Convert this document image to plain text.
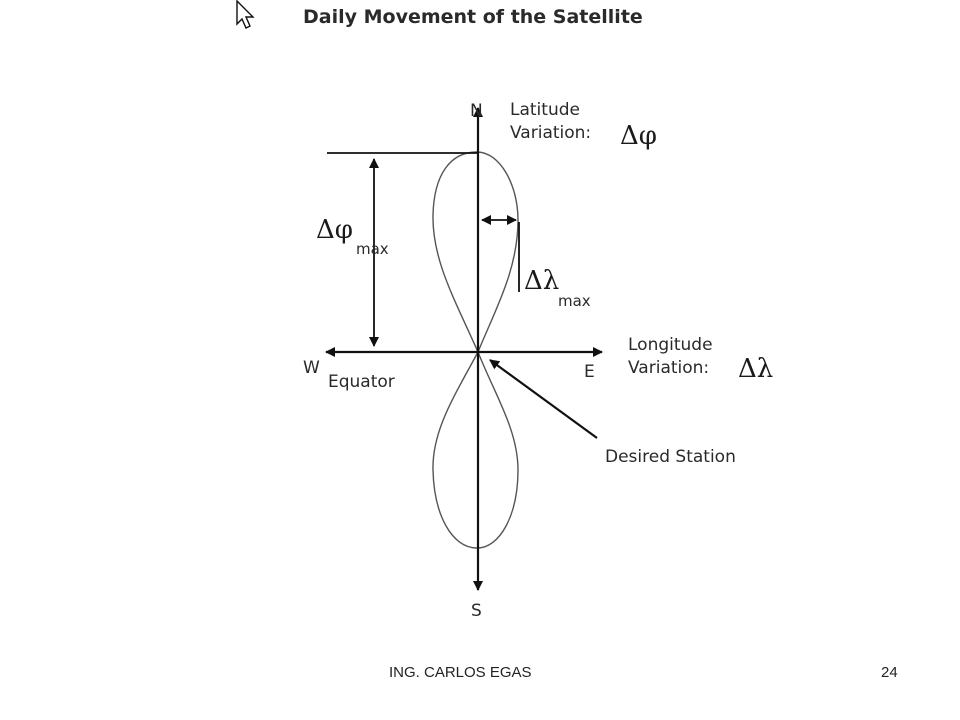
Daily Movement of the Satellite
N
S
E
W
Latitude
Variation: Δφ
Longitude
Variation: Δλ
Δφ
max
Δλ
max
Equator
Desired Station
ING. CARLOS EGAS	24
